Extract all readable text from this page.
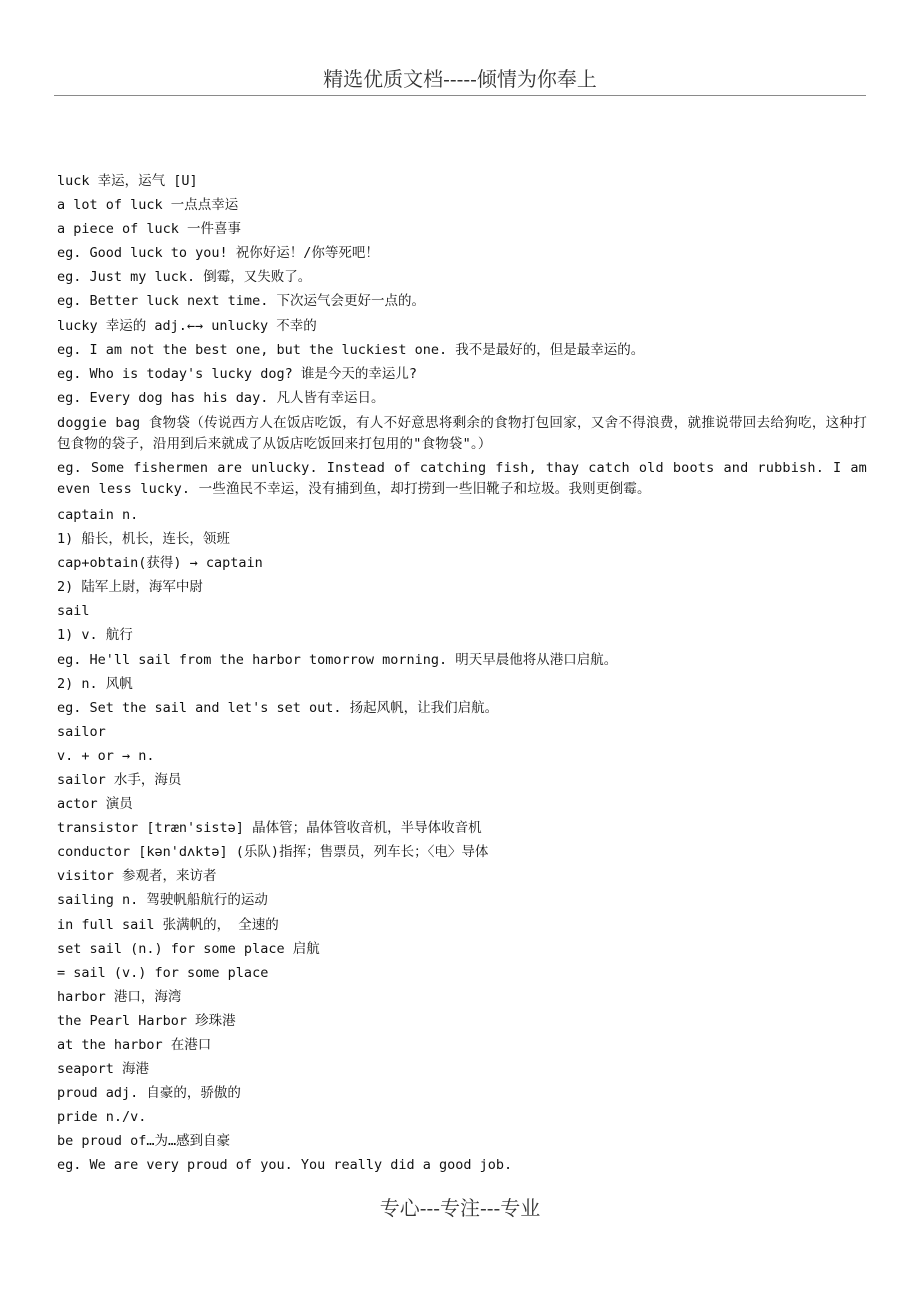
精选优质文档-----倾情为你奉上
luck 幸运，运气 [U]
a lot of luck 一点点幸运
a piece of luck 一件喜事
eg. Good luck to you! 祝你好运！/你等死吧！
eg. Just my luck. 倒霉，又失败了。
eg. Better luck next time. 下次运气会更好一点的。
lucky 幸运的 adj.←→ unlucky 不幸的
eg. I am not the best one, but the luckiest one. 我不是最好的，但是最幸运的。
eg. Who is today's lucky dog? 谁是今天的幸运儿?
eg. Every dog has his day. 凡人皆有幸运日。
doggie bag 食物袋（传说西方人在饭店吃饭，有人不好意思将剩余的食物打包回家，又舍不得浪费，就推说带回去给狗吃，这种打包食物的袋子，沿用到后来就成了从饭店吃饭回来打包用的"食物袋"。）
eg. Some fishermen are unlucky. Instead of catching fish, thay catch old boots and rubbish. I am even less lucky. 一些渔民不幸运，没有捕到鱼，却打捞到一些旧靴子和垃圾。我则更倒霉。
captain n.
1) 船长，机长，连长，领班
cap+obtain(获得) → captain
2) 陆军上尉，海军中尉
sail
1) v. 航行
eg. He'll sail from the harbor tomorrow morning. 明天早晨他将从港口启航。
2) n. 风帆
eg. Set the sail and let's set out. 扬起风帆，让我们启航。
sailor
v. + or → n.
sailor 水手，海员
actor 演员
transistor [træn'sistə] 晶体管；晶体管收音机，半导体收音机
conductor [kən'dʌktə] (乐队)指挥；售票员，列车长；〈电〉导体
visitor 参观者，来访者
sailing n. 驾驶帆船航行的运动
in full sail 张满帆的， 全速的
set sail (n.) for some place 启航
= sail (v.) for some place
harbor 港口，海湾
the Pearl Harbor 珍珠港
at the harbor 在港口
seaport 海港
proud adj. 自豪的，骄傲的
pride n./v.
be proud of…为…感到自豪
eg. We are very proud of you. You really did a good job.
专心---专注---专业
